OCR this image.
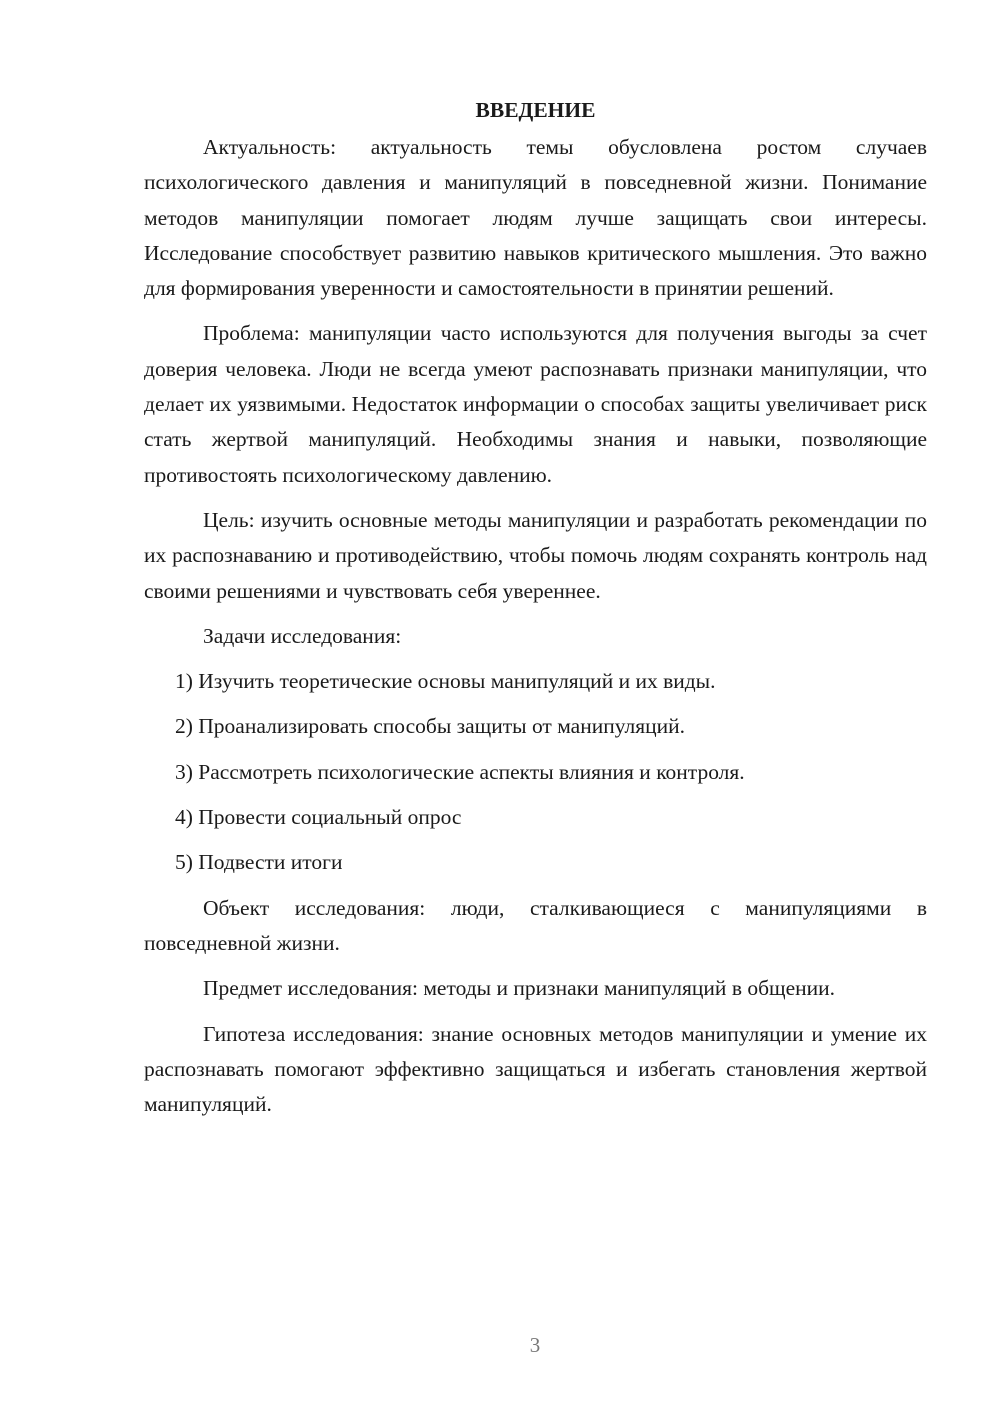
ВВЕДЕНИЕ

Актуальность: актуальность темы обусловлена ростом случаев психологического давления и манипуляций в повседневной жизни. Понимание методов манипуляции помогает людям лучше защищать свои интересы. Исследование способствует развитию навыков критического мышления. Это важно для формирования уверенности и самостоятельности в принятии решений.

Проблема: манипуляции часто используются для получения выгоды за счет доверия человека. Люди не всегда умеют распознавать признаки манипуляции, что делает их уязвимыми. Недостаток информации о способах защиты увеличивает риск стать жертвой манипуляций. Необходимы знания и навыки, позволяющие противостоять психологическому давлению.

Цель: изучить основные методы манипуляции и разработать рекомендации по их распознаванию и противодействию, чтобы помочь людям сохранять контроль над своими решениями и чувствовать себя увереннее.

Задачи исследования:

1) Изучить теоретические основы манипуляций и их виды.
2) Проанализировать способы защиты от манипуляций.
3) Рассмотреть психологические аспекты влияния и контроля.
4) Провести социальный опрос
5) Подвести итоги

Объект исследования: люди, сталкивающиеся с манипуляциями в повседневной жизни.

Предмет исследования: методы и признаки манипуляций в общении.

Гипотеза исследования: знание основных методов манипуляции и умение их распознавать помогают эффективно защищаться и избегать становления жертвой манипуляций.

3
